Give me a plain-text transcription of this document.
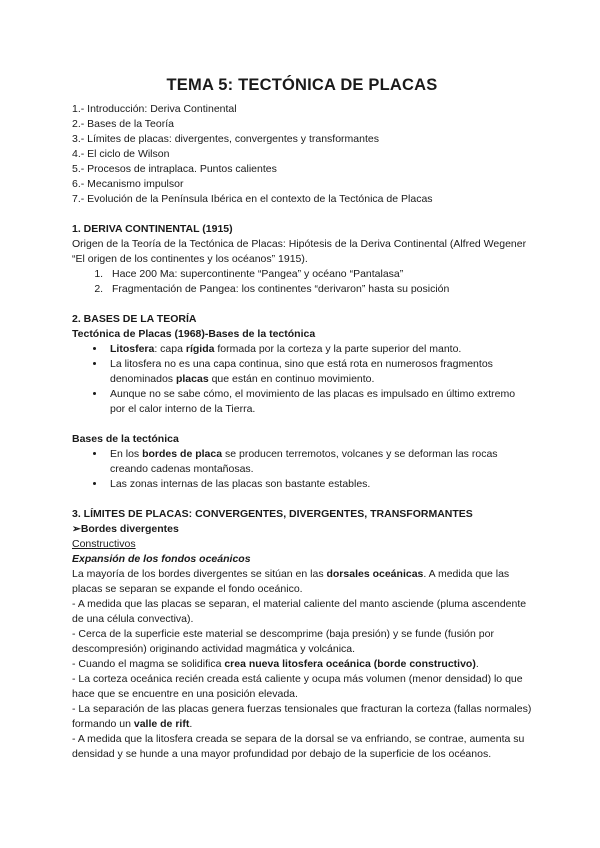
TEMA 5: TECTÓNICA DE PLACAS
1.- Introducción: Deriva Continental
2.- Bases de la Teoría
3.- Límites de placas: divergentes, convergentes y transformantes
4.- El ciclo de Wilson
5.- Procesos de intraplaca. Puntos calientes
6.- Mecanismo impulsor
7.- Evolución de la Península Ibérica en el contexto de la Tectónica de Placas
1. DERIVA CONTINENTAL (1915)
Origen de la Teoría de la Tectónica de Placas: Hipótesis de la Deriva Continental (Alfred Wegener “El origen de los continentes y los océanos” 1915).
1. Hace 200 Ma: supercontinente “Pangea” y océano “Pantalasa”
2. Fragmentación de Pangea: los continentes “derivaron” hasta su posición
2. BASES DE LA TEORÍA
Tectónica de Placas (1968)-Bases de la tectónica
• Litosfera: capa rígida formada por la corteza y la parte superior del manto.
• La litosfera no es una capa continua, sino que está rota en numerosos fragmentos denominados placas que están en continuo movimiento.
• Aunque no se sabe cómo, el movimiento de las placas es impulsado en último extremo por el calor interno de la Tierra.
Bases de la tectónica
• En los bordes de placa se producen terremotos, volcanes y se deforman las rocas creando cadenas montañosas.
• Las zonas internas de las placas son bastante estables.
3. LÍMITES DE PLACAS: CONVERGENTES, DIVERGENTES, TRANSFORMANTES
➢Bordes divergentes
Constructivos
Expansión de los fondos oceánicos
La mayoría de los bordes divergentes se sitúan en las dorsales oceánicas. A medida que las placas se separan se expande el fondo oceánico.
- A medida que las placas se separan, el material caliente del manto asciende (pluma ascendente de una célula convectiva).
- Cerca de la superficie este material se descomprime (baja presión) y se funde (fusión por descompresión) originando actividad magmática y volcánica.
- Cuando el magma se solidifica crea nueva litosfera oceánica (borde constructivo).
- La corteza oceánica recién creada está caliente y ocupa más volumen (menor densidad) lo que hace que se encuentre en una posición elevada.
- La separación de las placas genera fuerzas tensionales que fracturan la corteza (fallas normales) formando un valle de rift.
- A medida que la litosfera creada se separa de la dorsal se va enfriando, se contrae, aumenta su densidad y se hunde a una mayor profundidad por debajo de la superficie de los océanos.
